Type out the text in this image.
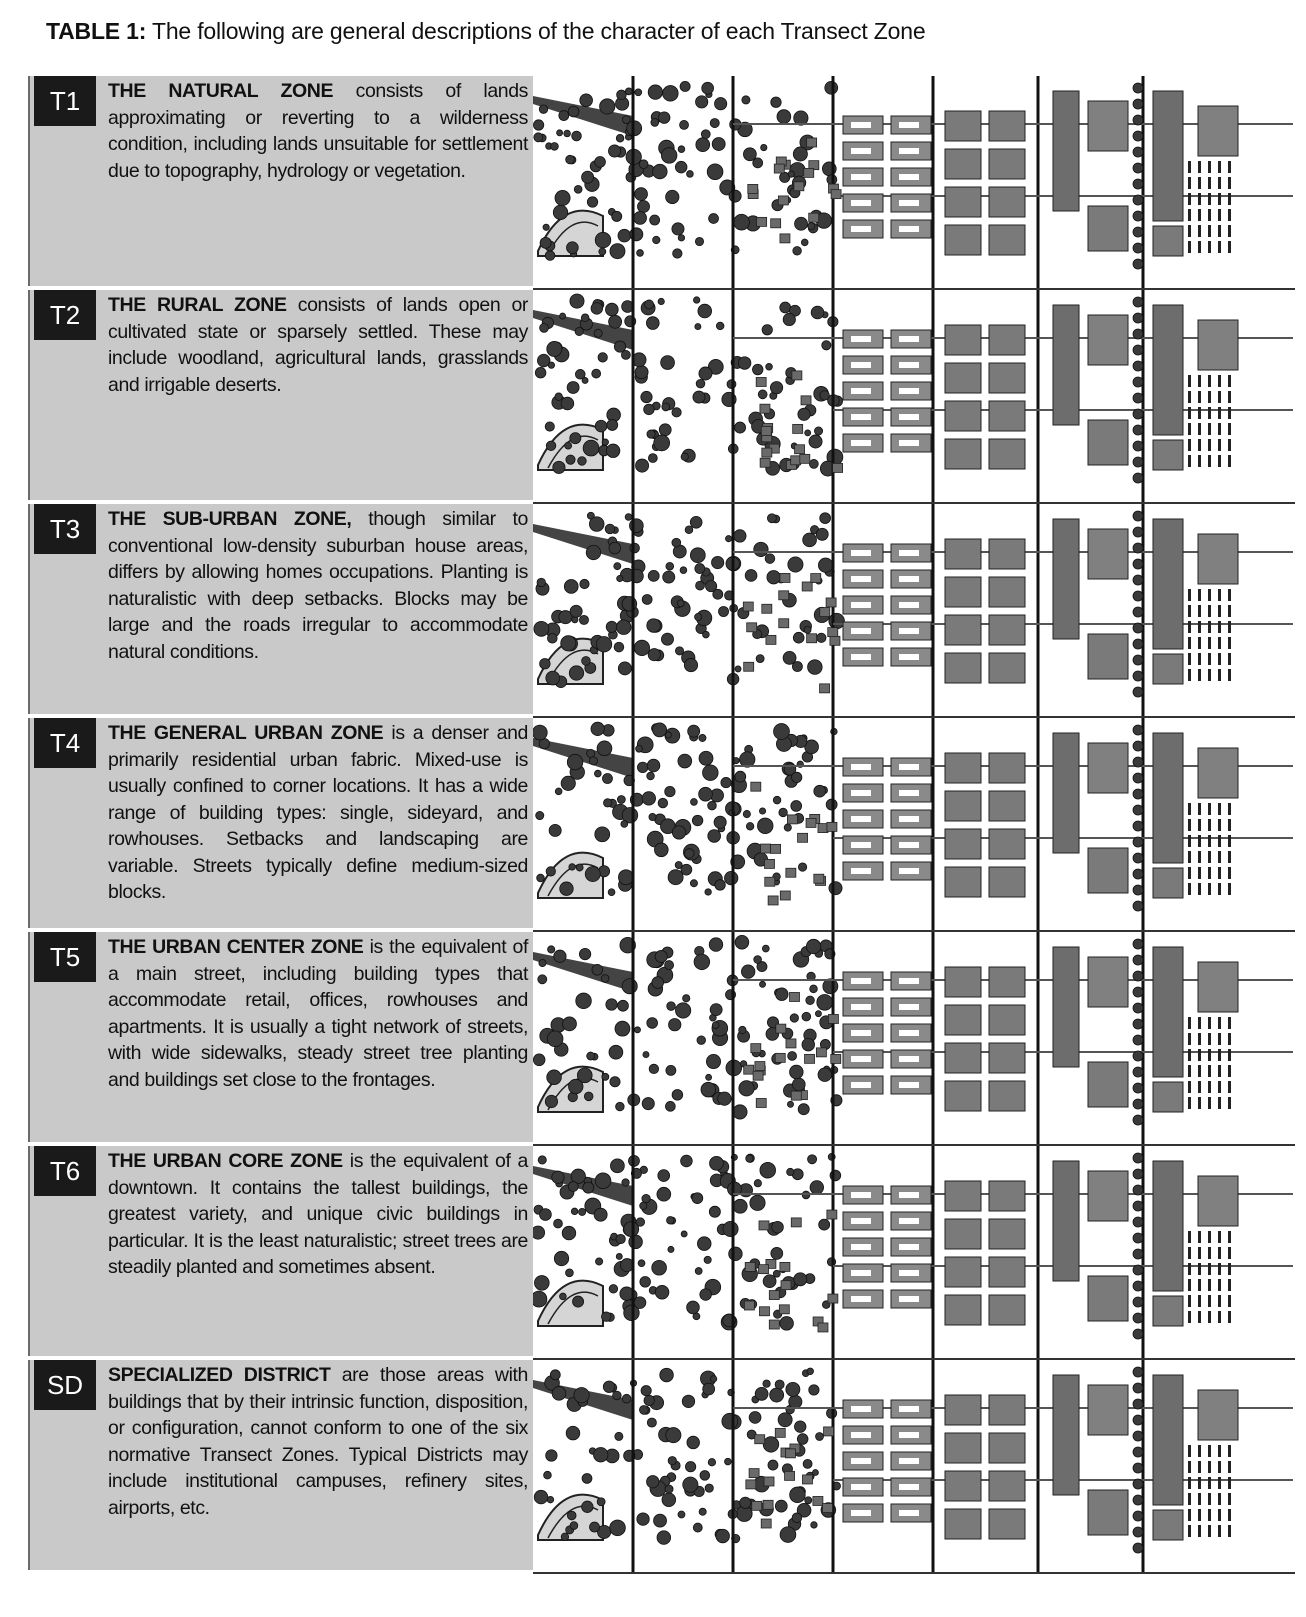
TABLE 1: The following are general descriptions of the character of each Transect Zone
T1	THE NATURAL ZONE consists of lands approximating or reverting to a wilderness condition, including lands unsuitable for settlement due to topography, hydrology or vegetation.
T2	THE RURAL ZONE consists of lands open or cultivated state or sparsely settled. These may include woodland, agricultural lands, grasslands and irrigable deserts.
T3	THE SUB-URBAN ZONE, though similar to conventional low-density suburban house areas, differs by allowing homes occupations. Planting is naturalistic with deep setbacks. Blocks may be large and the roads irregular to accommodate natural conditions.
T4	THE GENERAL URBAN ZONE is a denser and primarily residential urban fabric. Mixed-use is usually confined to corner locations. It has a wide range of building types: single, sideyard, and rowhouses. Setbacks and landscaping are variable. Streets typically define medium-sized blocks.
T5	THE URBAN CENTER ZONE is the equivalent of a main street, including building types that accommodate retail, offices, rowhouses and apartments. It is usually a tight network of streets, with wide sidewalks, steady street tree planting and buildings set close to the frontages.
T6	THE URBAN CORE ZONE is the equivalent of a downtown. It contains the tallest buildings, the greatest variety, and unique civic buildings in particular. It is the least naturalistic; street trees are steadily planted and sometimes absent.
SD	SPECIALIZED DISTRICT are those areas with buildings that by their intrinsic function, disposition, or configuration, cannot conform to one of the six normative Transect Zones. Typical Districts may include institutional campuses, refinery sites, airports, etc.
